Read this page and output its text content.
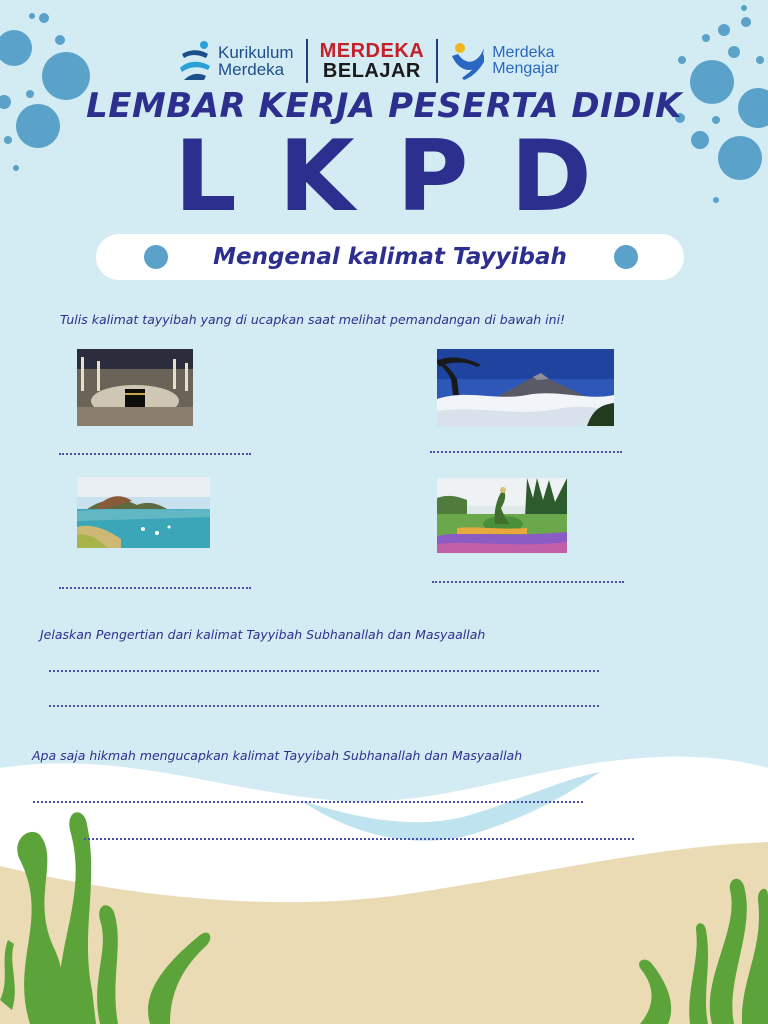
Kurikulum
Merdeka
MERDEKA
BELAJAR
Merdeka
Mengajar
LEMBAR KERJA PESERTA DIDIK
LKPD
Mengenal kalimat Tayyibah
Tulis kalimat tayyibah yang di ucapkan saat melihat pemandangan di bawah ini!
Jelaskan Pengertian dari kalimat Tayyibah Subhanallah dan Masyaallah
Apa saja hikmah mengucapkan kalimat Tayyibah Subhanallah dan Masyaallah
